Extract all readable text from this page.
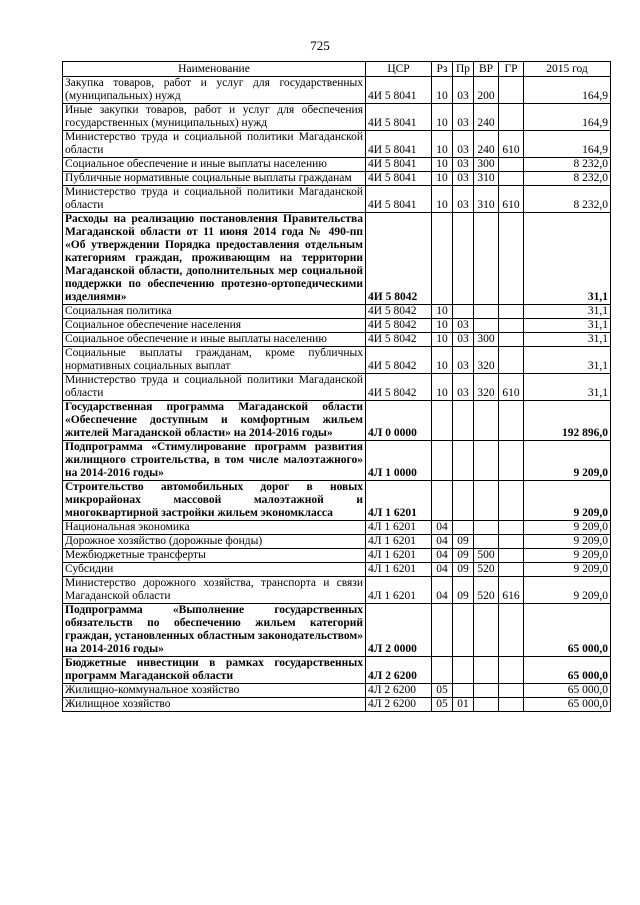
725
Наименование	ЦСР	Рз	Пр	ВР	ГР	2015 год
Закупка товаров, работ и услуг для государственных (муниципальных) нужд	4И 5 8041	10	03	200		164,9
Иные закупки товаров, работ и услуг для обеспечения государственных (муниципальных) нужд	4И 5 8041	10	03	240		164,9
Министерство труда и социальной политики Магаданской области	4И 5 8041	10	03	240	610	164,9
Социальное обеспечение и иные выплаты населению	4И 5 8041	10	03	300		8 232,0
Публичные нормативные социальные выплаты гражданам	4И 5 8041	10	03	310		8 232,0
Министерство труда и социальной политики Магаданской области	4И 5 8041	10	03	310	610	8 232,0
Расходы на реализацию постановления Правительства Магаданской области от 11 июня 2014 года № 490-пп «Об утверждении Порядка предоставления отдельным категориям граждан, проживающим на территории Магаданской области, дополнительных мер социальной поддержки по обеспечению протезно-ортопедическими изделиями»	4И 5 8042					31,1
Социальная политика	4И 5 8042	10				31,1
Социальное обеспечение населения	4И 5 8042	10	03			31,1
Социальное обеспечение и иные выплаты населению	4И 5 8042	10	03	300		31,1
Социальные выплаты гражданам, кроме публичных нормативных социальных выплат	4И 5 8042	10	03	320		31,1
Министерство труда и социальной политики Магаданской области	4И 5 8042	10	03	320	610	31,1
Государственная программа Магаданской области «Обеспечение доступным и комфортным жильем жителей Магаданской области» на 2014-2016 годы»	4Л 0 0000					192 896,0
Подпрограмма «Стимулирование программ развития жилищного строительства, в том числе малоэтажного» на 2014-2016 годы»	4Л 1 0000					9 209,0
Строительство автомобильных дорог в новых микрорайонах массовой малоэтажной и многоквартирной застройки жильем экономкласса	4Л 1 6201					9 209,0
Национальная экономика	4Л 1 6201	04				9 209,0
Дорожное хозяйство (дорожные фонды)	4Л 1 6201	04	09			9 209,0
Межбюджетные трансферты	4Л 1 6201	04	09	500		9 209,0
Субсидии	4Л 1 6201	04	09	520		9 209,0
Министерство дорожного хозяйства, транспорта и связи Магаданской области	4Л 1 6201	04	09	520	616	9 209,0
Подпрограмма «Выполнение государственных обязательств по обеспечению жильем категорий граждан, установленных областным законодательством» на 2014-2016 годы»	4Л 2 0000					65 000,0
Бюджетные инвестиции в рамках государственных программ Магаданской области	4Л 2 6200					65 000,0
Жилищно-коммунальное хозяйство	4Л 2 6200	05				65 000,0
Жилищное хозяйство	4Л 2 6200	05	01			65 000,0
